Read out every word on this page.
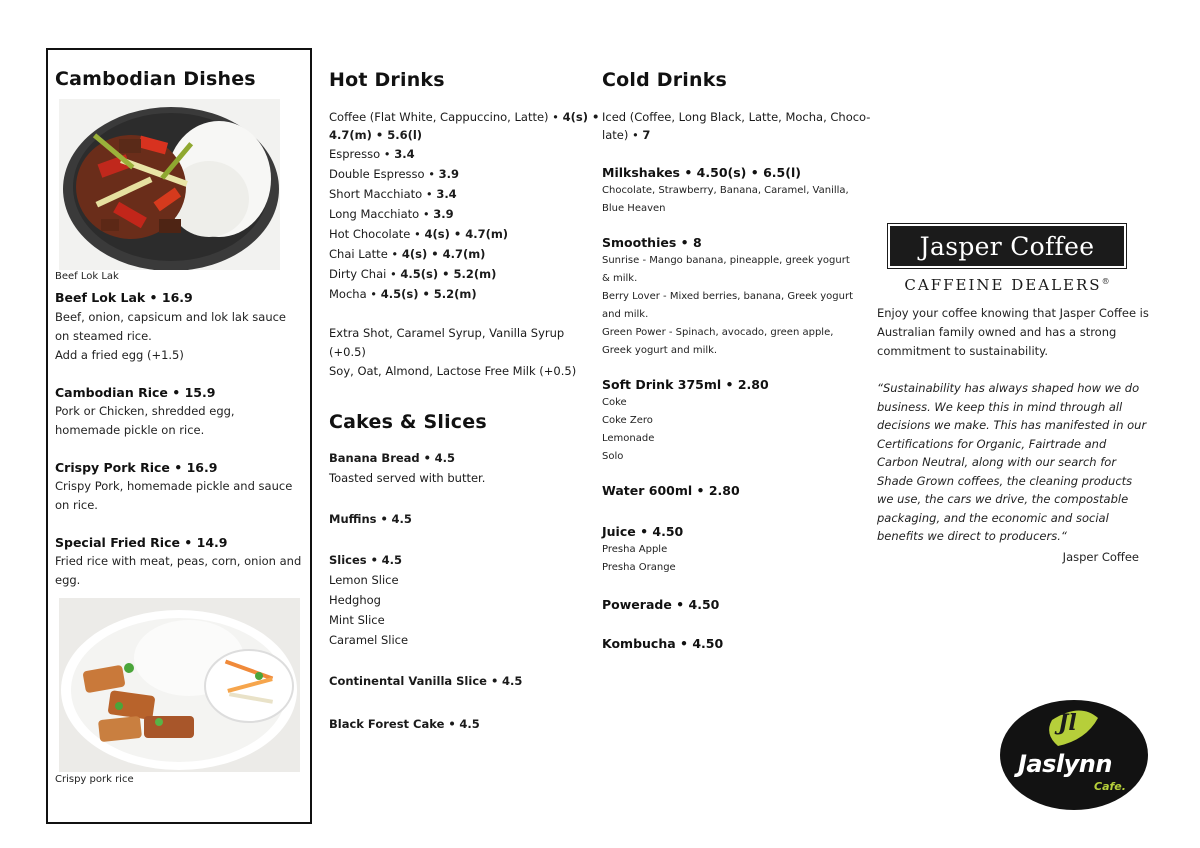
Cambodian Dishes
Beef Lok Lak
Beef Lok Lak • 16.9
Beef, onion, capsicum and lok lak sauce on steamed rice.
Add a fried egg (+1.5)
Cambodian Rice • 15.9
Pork or Chicken, shredded egg, homemade pickle on rice.
Crispy Pork Rice • 16.9
Crispy Pork, homemade pickle and sauce on rice.
Special Fried Rice • 14.9
Fried rice with meat, peas, corn, onion and egg.
Crispy pork rice
Hot Drinks
Coffee (Flat White, Cappuccino, Latte) • 4(s) •
4.7(m) • 5.6(l)
Espresso • 3.4
Double Espresso • 3.9
Short Macchiato • 3.4
Long Macchiato • 3.9
Hot Chocolate • 4(s) • 4.7(m)
Chai Latte • 4(s) • 4.7(m)
Dirty Chai • 4.5(s) • 5.2(m)
Mocha • 4.5(s) • 5.2(m)
Extra Shot, Caramel Syrup, Vanilla Syrup
(+0.5)
Soy, Oat, Almond, Lactose Free Milk (+0.5)
Cakes & Slices
Banana Bread • 4.5
Toasted served with butter.
Muffins • 4.5
Slices • 4.5
Lemon Slice
Hedghog
Mint Slice
Caramel Slice
Continental Vanilla Slice • 4.5
Black Forest Cake • 4.5
Cold Drinks
Iced (Coffee, Long Black, Latte, Mocha, Choco-
late) • 7
Milkshakes • 4.50(s) • 6.5(l)
Chocolate, Strawberry, Banana, Caramel, Vanilla,
Blue Heaven
Smoothies • 8
Sunrise - Mango banana, pineapple, greek yogurt
& milk.
Berry Lover - Mixed berries, banana, Greek yogurt
and milk.
Green Power - Spinach, avocado, green apple,
Greek yogurt and milk.
Soft Drink 375ml • 2.80
Coke
Coke Zero
Lemonade
Solo
Water 600ml • 2.80
Juice • 4.50
Presha Apple
Presha Orange
Powerade • 4.50
Kombucha • 4.50
Jasper Coffee
CAFFEINE DEALERS®
Enjoy your coffee knowing that Jasper Coffee is Australian family owned and has a strong commitment to sustainability.
“Sustainability has always shaped how we do business. We keep this in mind through all decisions we make. This has manifested in our Certifications for Organic, Fairtrade and Carbon Neutral, along with our search for Shade Grown coffees, the cleaning products we use, the cars we drive, the compostable packaging, and the economic and social benefits we direct to producers.“
Jasper Coffee
Jl
Jaslynn
Cafe.
